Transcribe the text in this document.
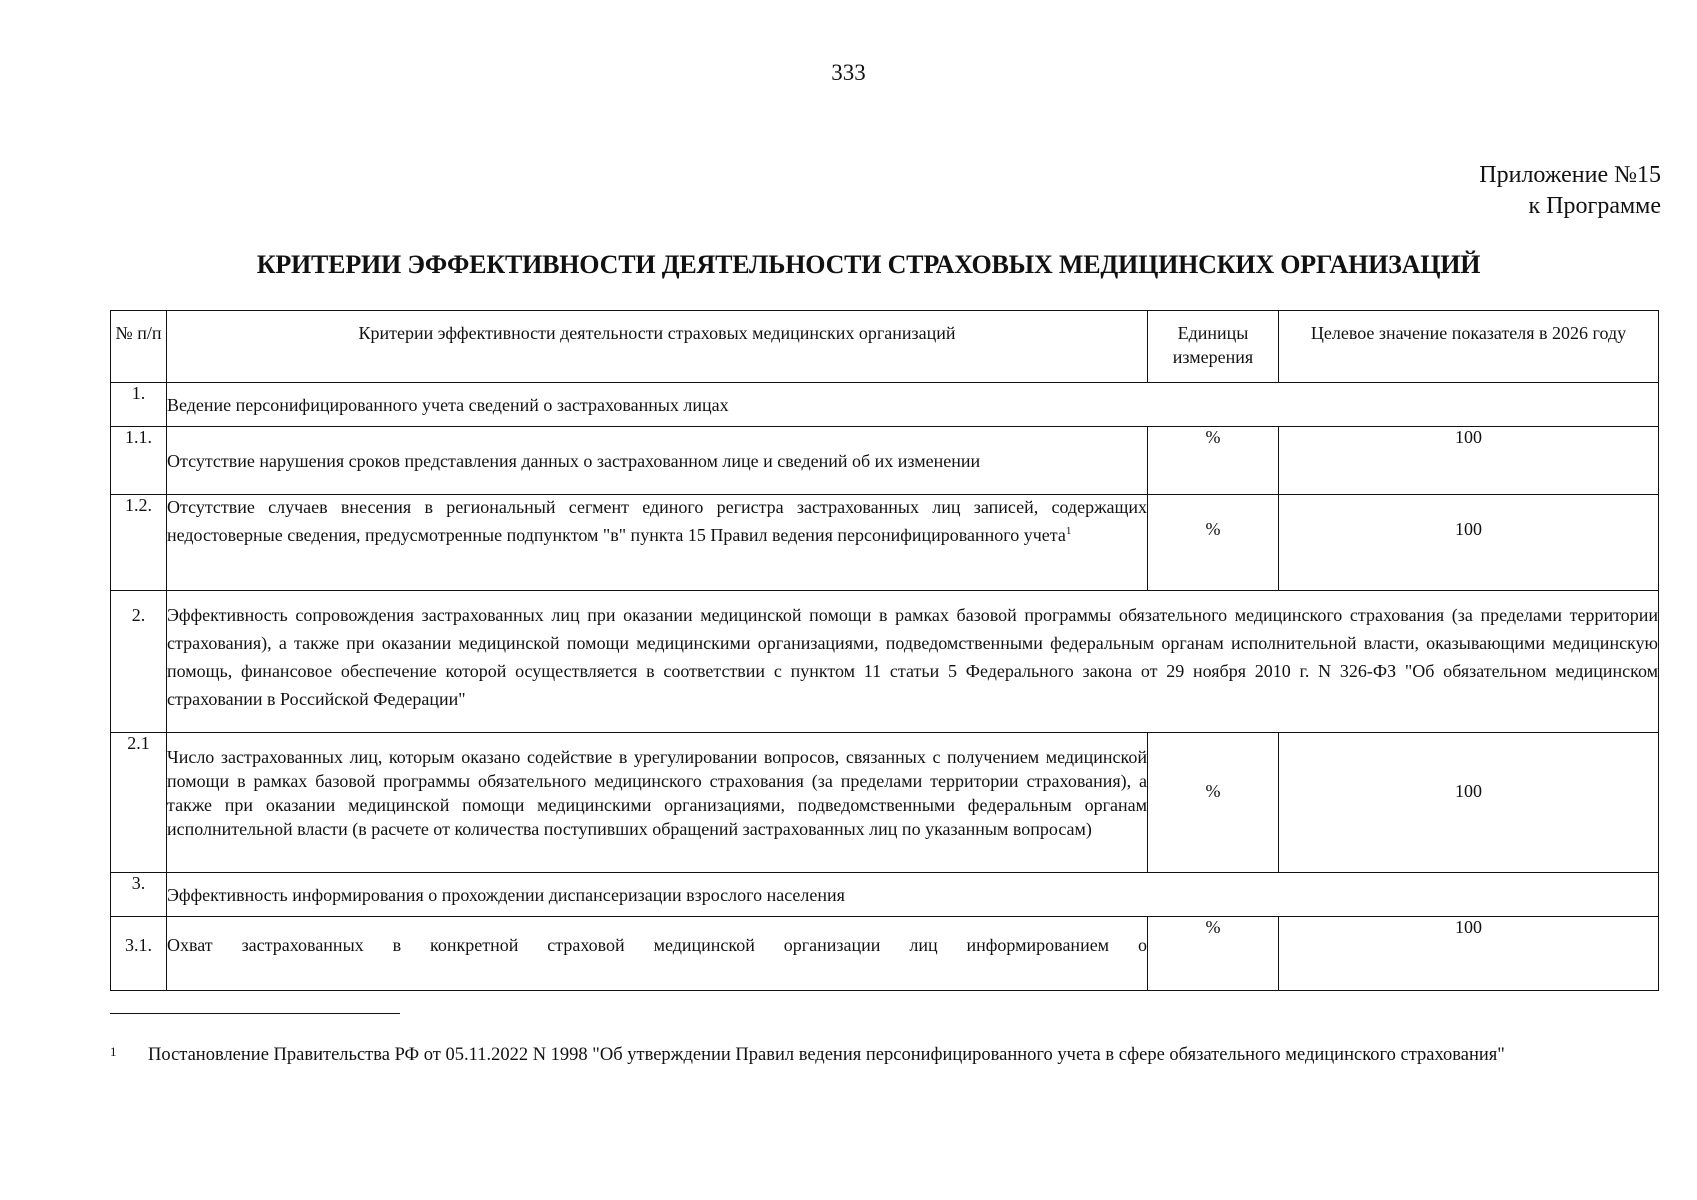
333
Приложение №15
к Программе
КРИТЕРИИ ЭФФЕКТИВНОСТИ ДЕЯТЕЛЬНОСТИ СТРАХОВЫХ МЕДИЦИНСКИХ ОРГАНИЗАЦИЙ
№ п/п	Критерии эффективности деятельности страховых медицинских организаций	Единицы измерения	Целевое значение показателя в 2026 году
1.	Ведение персонифицированного учета сведений о застрахованных лицах		
1.1.	Отсутствие нарушения сроков представления данных о застрахованном лице и сведений об их изменении	%	100
1.2.	Отсутствие случаев внесения в региональный сегмент единого регистра застрахованных лиц записей, содержащих недостоверные сведения, предусмотренные подпунктом "в" пункта 15 Правил ведения персонифицированного учета$^1$	%	100
2.	Эффективность сопровождения застрахованных лиц при оказании медицинской помощи в рамках базовой программы обязательного медицинского страхования (за пределами территории страхования), а также при оказании медицинской помощи медицинскими организациями, подведомственными федеральным органам исполнительной власти, оказывающими медицинскую помощь, финансовое обеспечение которой осуществляется в соответствии с пунктом 11 статьи 5 Федерального закона от 29 ноября 2010 г. N 326-ФЗ "Об обязательном медицинском страховании в Российской Федерации"		
2.1	Число застрахованных лиц, которым оказано содействие в урегулировании вопросов, связанных с получением медицинской помощи в рамках базовой программы обязательного медицинского страхования (за пределами территории страхования), а также при оказании медицинской помощи медицинскими организациями, подведомственными федеральным органам исполнительной власти (в расчете от количества поступивших обращений застрахованных лиц по указанным вопросам)	%	100
3.	Эффективность информирования о прохождении диспансеризации взрослого населения		
3.1.	Охват застрахованных в конкретной страховой медицинской организации лиц информированием о	%	100
1 Постановление Правительства РФ от 05.11.2022 N 1998 "Об утверждении Правил ведения персонифицированного учета в сфере обязательного медицинского страхования"
